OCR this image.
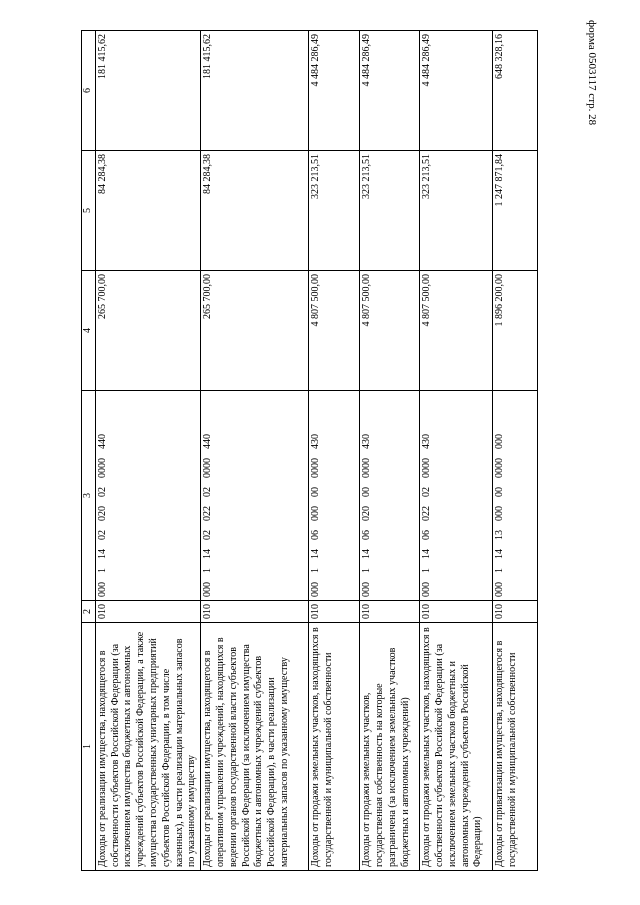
форма 0503117 стр. 28
1	2	3	4	5	6
Доходы от реализации имущества, находящегося в собственности субъектов Российской Федерации (за исключением имущества бюджетных и автономных учреждений субъектов Российской Федерации, а также имущества государственных унитарных предприятий субъектов Российской Федерации, в том числе казенных), в части реализации материальных запасов по указанному имуществу	010	000  1  14  02  020  02  0000  440	265 700,00	84 284,38	181 415,62
Доходы от реализации имущества, находящегося в оперативном управлении учреждений, находящихся в ведении органов государственной власти субъектов Российской Федерации (за исключением имущества бюджетных и автономных учреждений субъектов Российской Федерации), в части реализации материальных запасов по указанному имуществу	010	000  1  14  02  022  02  0000  440	265 700,00	84 284,38	181 415,62
Доходы от продажи земельных участков, находящихся в государственной и муниципальной собственности	010	000  1  14  06  000  00  0000  430	4 807 500,00	323 213,51	4 484 286,49
Доходы от продажи земельных участков, государственная собственность на которые разграничена (за исключением земельных участков бюджетных и автономных учреждений)	010	000  1  14  06  020  00  0000  430	4 807 500,00	323 213,51	4 484 286,49
Доходы от продажи земельных участков, находящихся в собственности субъектов Российской Федерации (за исключением земельных участков бюджетных и автономных учреждений субъектов Российской Федерации)	010	000  1  14  06  022  02  0000  430	4 807 500,00	323 213,51	4 484 286,49
Доходы от приватизации имущества, находящегося в государственной и муниципальной собственности	010	000  1  14  13  000  00  0000  000	1 896 200,00	1 247 871,84	648 328,16
